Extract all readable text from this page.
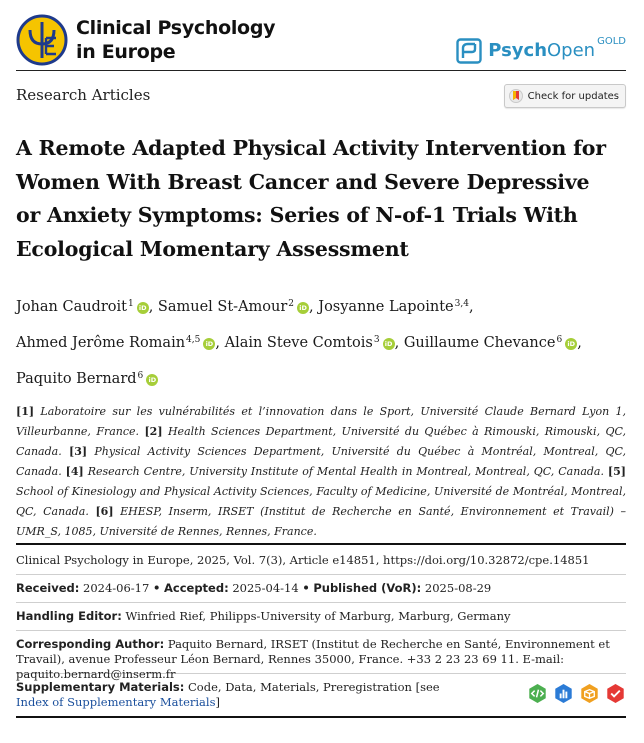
Clinical Psychology
in Europe	PsychOpen GOLD
Research Articles	Check for updates
A Remote Adapted Physical Activity Intervention for Women With Breast Cancer and Severe Depressive or Anxiety Symptoms: Series of N-of-1 Trials With Ecological Momentary Assessment
Johan Caudroit$^1$ iD , Samuel St-Amour$^2$ iD , Josyanne Lapointe$^{3,4}$,
Ahmed Jerôme Romain$^{4,5}$ iD , Alain Steve Comtois$^3$ iD , Guillaume Chevance$^6$ iD ,
Paquito Bernard$^6$ iD
[1] Laboratoire sur les vulnérabilités et l’innovation dans le Sport, Université Claude Bernard Lyon 1, Villeurbanne, France. [2] Health Sciences Department, Université du Québec à Rimouski, Rimouski, QC, Canada. [3] Physical Activity Sciences Department, Université du Québec à Montréal, Montreal, QC, Canada. [4] Research Centre, University Institute of Mental Health in Montreal, Montreal, QC, Canada. [5] School of Kinesiology and Physical Activity Sciences, Faculty of Medicine, Université de Montréal, Montreal, QC, Canada. [6] EHESP, Inserm, IRSET (Institut de Recherche en Santé, Environnement et Travail) – UMR_S, 1085, Université de Rennes, Rennes, France.
Clinical Psychology in Europe, 2025, Vol. 7(3), Article e14851, https://doi.org/10.32872/cpe.14851
Received: 2024-06-17 • Accepted: 2025-04-14 • Published (VoR): 2025-08-29
Handling Editor: Winfried Rief, Philipps-University of Marburg, Marburg, Germany
Corresponding Author: Paquito Bernard, IRSET (Institut de Recherche en Santé, Environnement et Travail), avenue Professeur Léon Bernard, Rennes 35000, France. +33 2 23 23 69 11. E-mail: paquito.bernard@inserm.fr
Supplementary Materials: Code, Data, Materials, Preregistration [see Index of Supplementary Materials]
